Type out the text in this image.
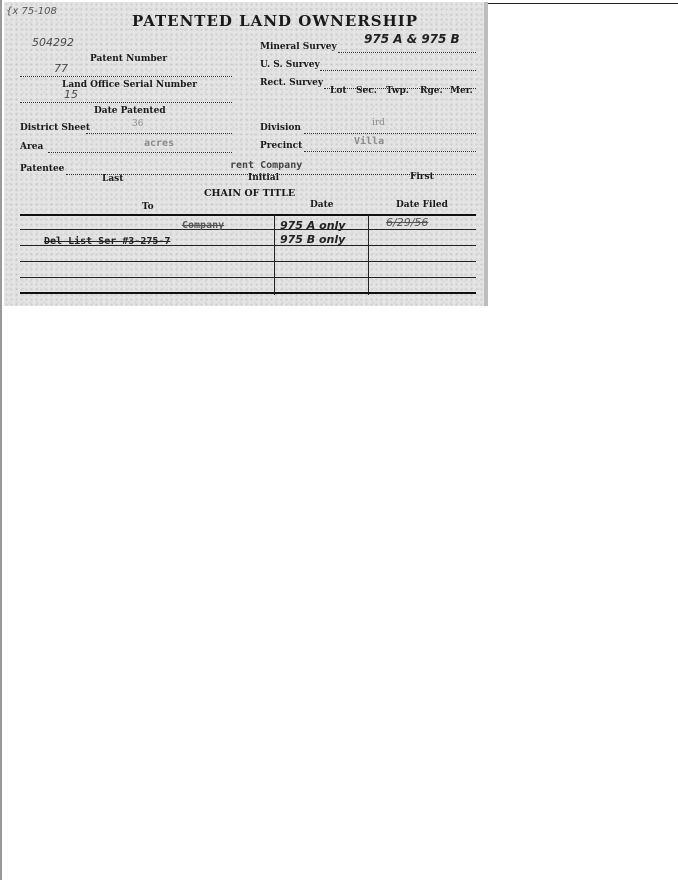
{x 75-108
PATENTED LAND OWNERSHIP
504292	Mineral Survey
975 A & 975 B
U. S. Survey
Rect. Survey
Lot Sec. Twp. Rge. Mer.
Patent Number
77
Land Office Serial Number
15
Date Patented
District Sheet	36	Division	ird
Area	acres	Precinct	Villa
Patentee	rent Company
Last	Initial	First
CHAIN OF TITLE
To	Date	Date Filed
Company	975 A only	6/29/56
Del List Ser #3-275-7	975 B only
